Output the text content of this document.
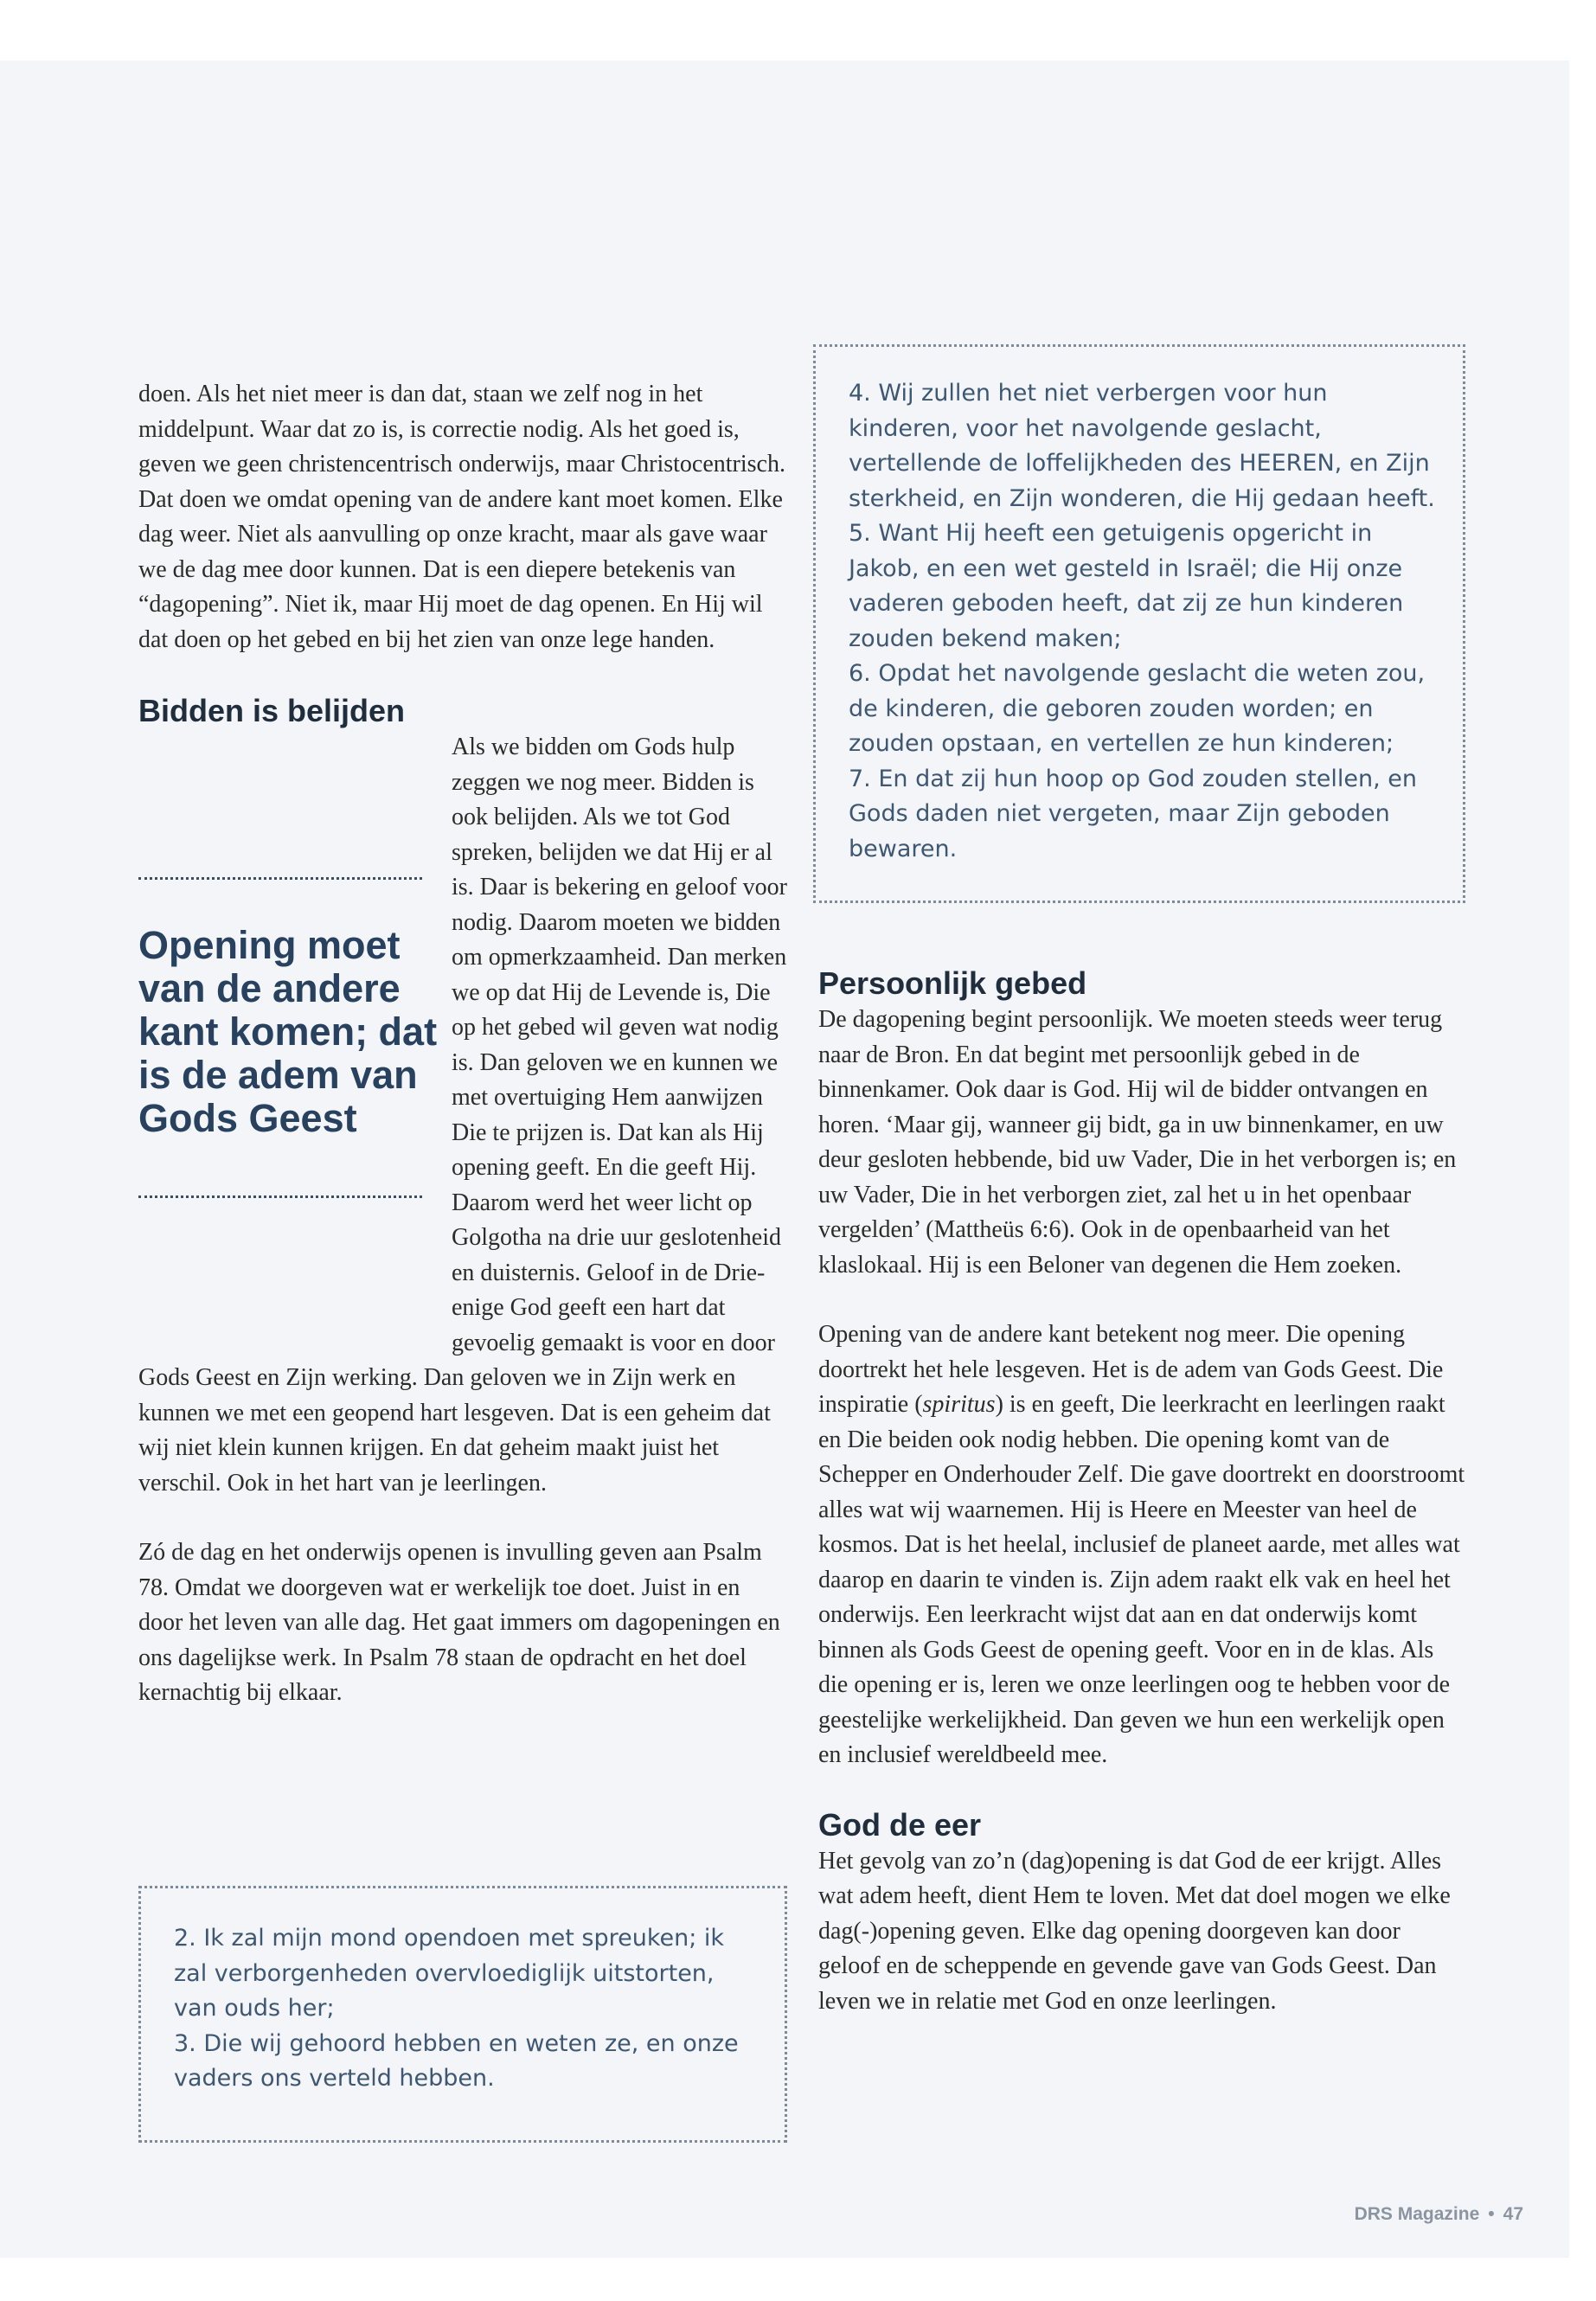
doen. Als het niet meer is dan dat, staan we zelf nog in het middelpunt. Waar dat zo is, is correctie nodig. Als het goed is, geven we geen christencentrisch onderwijs, maar Christocentrisch. Dat doen we omdat opening van de andere kant moet komen. Elke dag weer. Niet als aanvulling op onze kracht, maar als gave waar we de dag mee door kunnen. Dat is een diepere betekenis van “dagopening”. Niet ik, maar Hij moet de dag openen. En Hij wil dat doen op het gebed en bij het zien van onze lege handen.

Bidden is belijden
Opening moet van de andere kant komen; dat is de adem van Gods Geest

Als we bidden om Gods hulp zeggen we nog meer. Bidden is ook belijden. Als we tot God spreken, belijden we dat Hij er al is. Daar is bekering en geloof voor nodig. Daarom moeten we bidden om opmerkzaamheid. Dan merken we op dat Hij de Levende is, Die op het gebed wil geven wat nodig is. Dan geloven we en kunnen we met overtuiging Hem aanwijzen Die te prijzen is. Dat kan als Hij opening geeft. En die geeft Hij. Daarom werd het weer licht op Golgotha na drie uur geslotenheid en duisternis. Geloof in de Drie-enige God geeft een hart dat gevoelig gemaakt is voor en door Gods Geest en Zijn werking. Dan geloven we in Zijn werk en kunnen we met een geopend hart lesgeven. Dat is een geheim dat wij niet klein kunnen krijgen. En dat geheim maakt juist het verschil. Ook in het hart van je leerlingen.

Zó de dag en het onderwijs openen is invulling geven aan Psalm 78. Omdat we doorgeven wat er werkelijk toe doet. Juist in en door het leven van alle dag. Het gaat immers om dagopeningen en ons dagelijkse werk. In Psalm 78 staan de opdracht en het doel kernachtig bij elkaar.

4. Wij zullen het niet verbergen voor hun kinderen, voor het navolgende geslacht, vertellende de loffelijkheden des HEEREN, en Zijn sterkheid, en Zijn wonderen, die Hij gedaan heeft.

5. Want Hij heeft een getuigenis opgericht in Jakob, en een wet gesteld in Israël; die Hij onze vaderen geboden heeft, dat zij ze hun kinderen zouden bekend maken;

6. Opdat het navolgende geslacht die weten zou, de kinderen, die geboren zouden worden; en zouden opstaan, en vertellen ze hun kinderen;

7. En dat zij hun hoop op God zouden stellen, en Gods daden niet vergeten, maar Zijn geboden bewaren.

2. Ik zal mijn mond opendoen met spreuken; ik zal verborgenheden overvloediglijk uitstorten, van ouds her;

3. Die wij gehoord hebben en weten ze, en onze vaders ons verteld hebben.

Persoonlijk gebed

De dagopening begint persoonlijk. We moeten steeds weer terug naar de Bron. En dat begint met persoonlijk gebed in de binnenkamer. Ook daar is God. Hij wil de bidder ontvangen en horen. ‘Maar gij, wanneer gij bidt, ga in uw binnenkamer, en uw deur gesloten hebbende, bid uw Vader, Die in het verborgen is; en uw Vader, Die in het verborgen ziet, zal het u in het openbaar vergelden’ (Mattheüs 6:6). Ook in de openbaarheid van het klaslokaal. Hij is een Beloner van degenen die Hem zoeken.

Opening van de andere kant betekent nog meer. Die opening doortrekt het hele lesgeven. Het is de adem van Gods Geest. Die inspiratie (spiritus) is en geeft, Die leerkracht en leerlingen raakt en Die beiden ook nodig hebben. Die opening komt van de Schepper en Onderhouder Zelf. Die gave doortrekt en doorstroomt alles wat wij waarnemen. Hij is Heere en Meester van heel de kosmos. Dat is het heelal, inclusief de planeet aarde, met alles wat daarop en daarin te vinden is. Zijn adem raakt elk vak en heel het onderwijs. Een leerkracht wijst dat aan en dat onderwijs komt binnen als Gods Geest de opening geeft. Voor en in de klas. Als die opening er is, leren we onze leerlingen oog te hebben voor de geestelijke werkelijkheid. Dan geven we hun een werkelijk open en inclusief wereldbeeld mee.

God de eer

Het gevolg van zo’n (dag)opening is dat God de eer krijgt. Alles wat adem heeft, dient Hem te loven. Met dat doel mogen we elke dag(-)opening geven. Elke dag opening doorgeven kan door geloof en de scheppende en gevende gave van Gods Geest. Dan leven we in relatie met God en onze leerlingen.

DRS Magazine • 47
